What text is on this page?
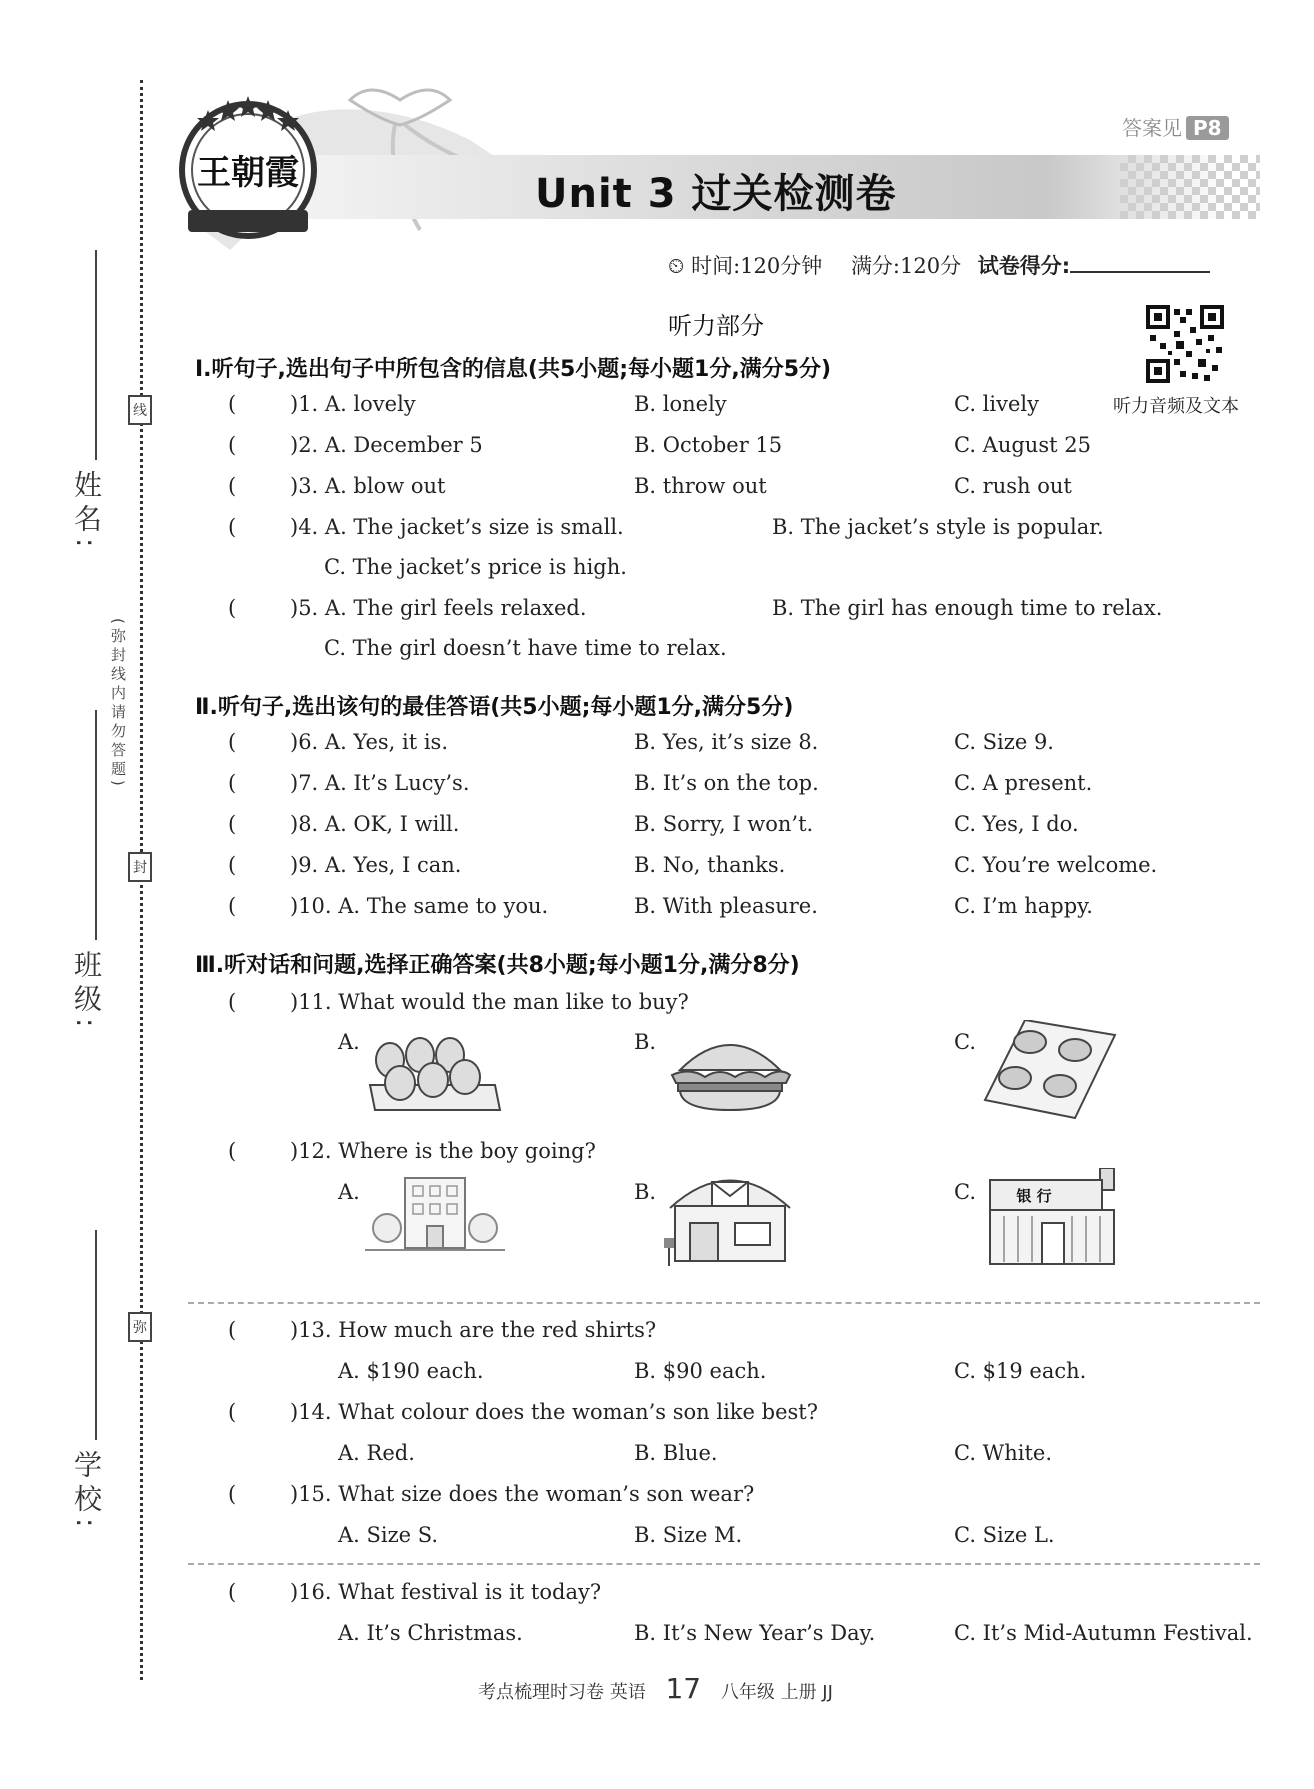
姓名:
班级:
学校:
线
封
弥
(弥封线内请勿答题)
王朝霞
答案见 P8
Unit 3 过关检测卷
⏲ 时间:120分钟 满分:120分 试卷得分:
听力音频及文本
听力部分
Ⅰ.听句子,选出句子中所包含的信息(共5小题;每小题1分,满分5分)
(	)1. A. lovely	B. lonely	C. lively
(	)2. A. December 5	B. October 15	C. August 25
(	)3. A. blow out	B. throw out	C. rush out
(	)4. A. The jacket’s size is small.	B. The jacket’s style is popular.
C. The jacket’s price is high.
(	)5. A. The girl feels relaxed.	B. The girl has enough time to relax.
C. The girl doesn’t have time to relax.
Ⅱ.听句子,选出该句的最佳答语(共5小题;每小题1分,满分5分)
(	)6. A. Yes, it is.	B. Yes, it’s size 8.	C. Size 9.
(	)7. A. It’s Lucy’s.	B. It’s on the top.	C. A present.
(	)8. A. OK, I will.	B. Sorry, I won’t.	C. Yes, I do.
(	)9. A. Yes, I can.	B. No, thanks.	C. You’re welcome.
(	)10. A. The same to you.	B. With pleasure.	C. I’m happy.
Ⅲ.听对话和问题,选择正确答案(共8小题;每小题1分,满分8分)
(	)11. What would the man like to buy?
A.	B.	C.
(	)12. Where is the boy going?
A.	B.	C.	银 行
(	)13. How much are the red shirts?
A. $190 each.	B. $90 each.	C. $19 each.
(	)14. What colour does the woman’s son like best?
A. Red.	B. Blue.	C. White.
(	)15. What size does the woman’s son wear?
A. Size S.	B. Size M.	C. Size L.
(	)16. What festival is it today?
A. It’s Christmas.	B. It’s New Year’s Day.	C. It’s Mid-Autumn Festival.
考点梳理时习卷 英语 17 八年级 上册 JJ
